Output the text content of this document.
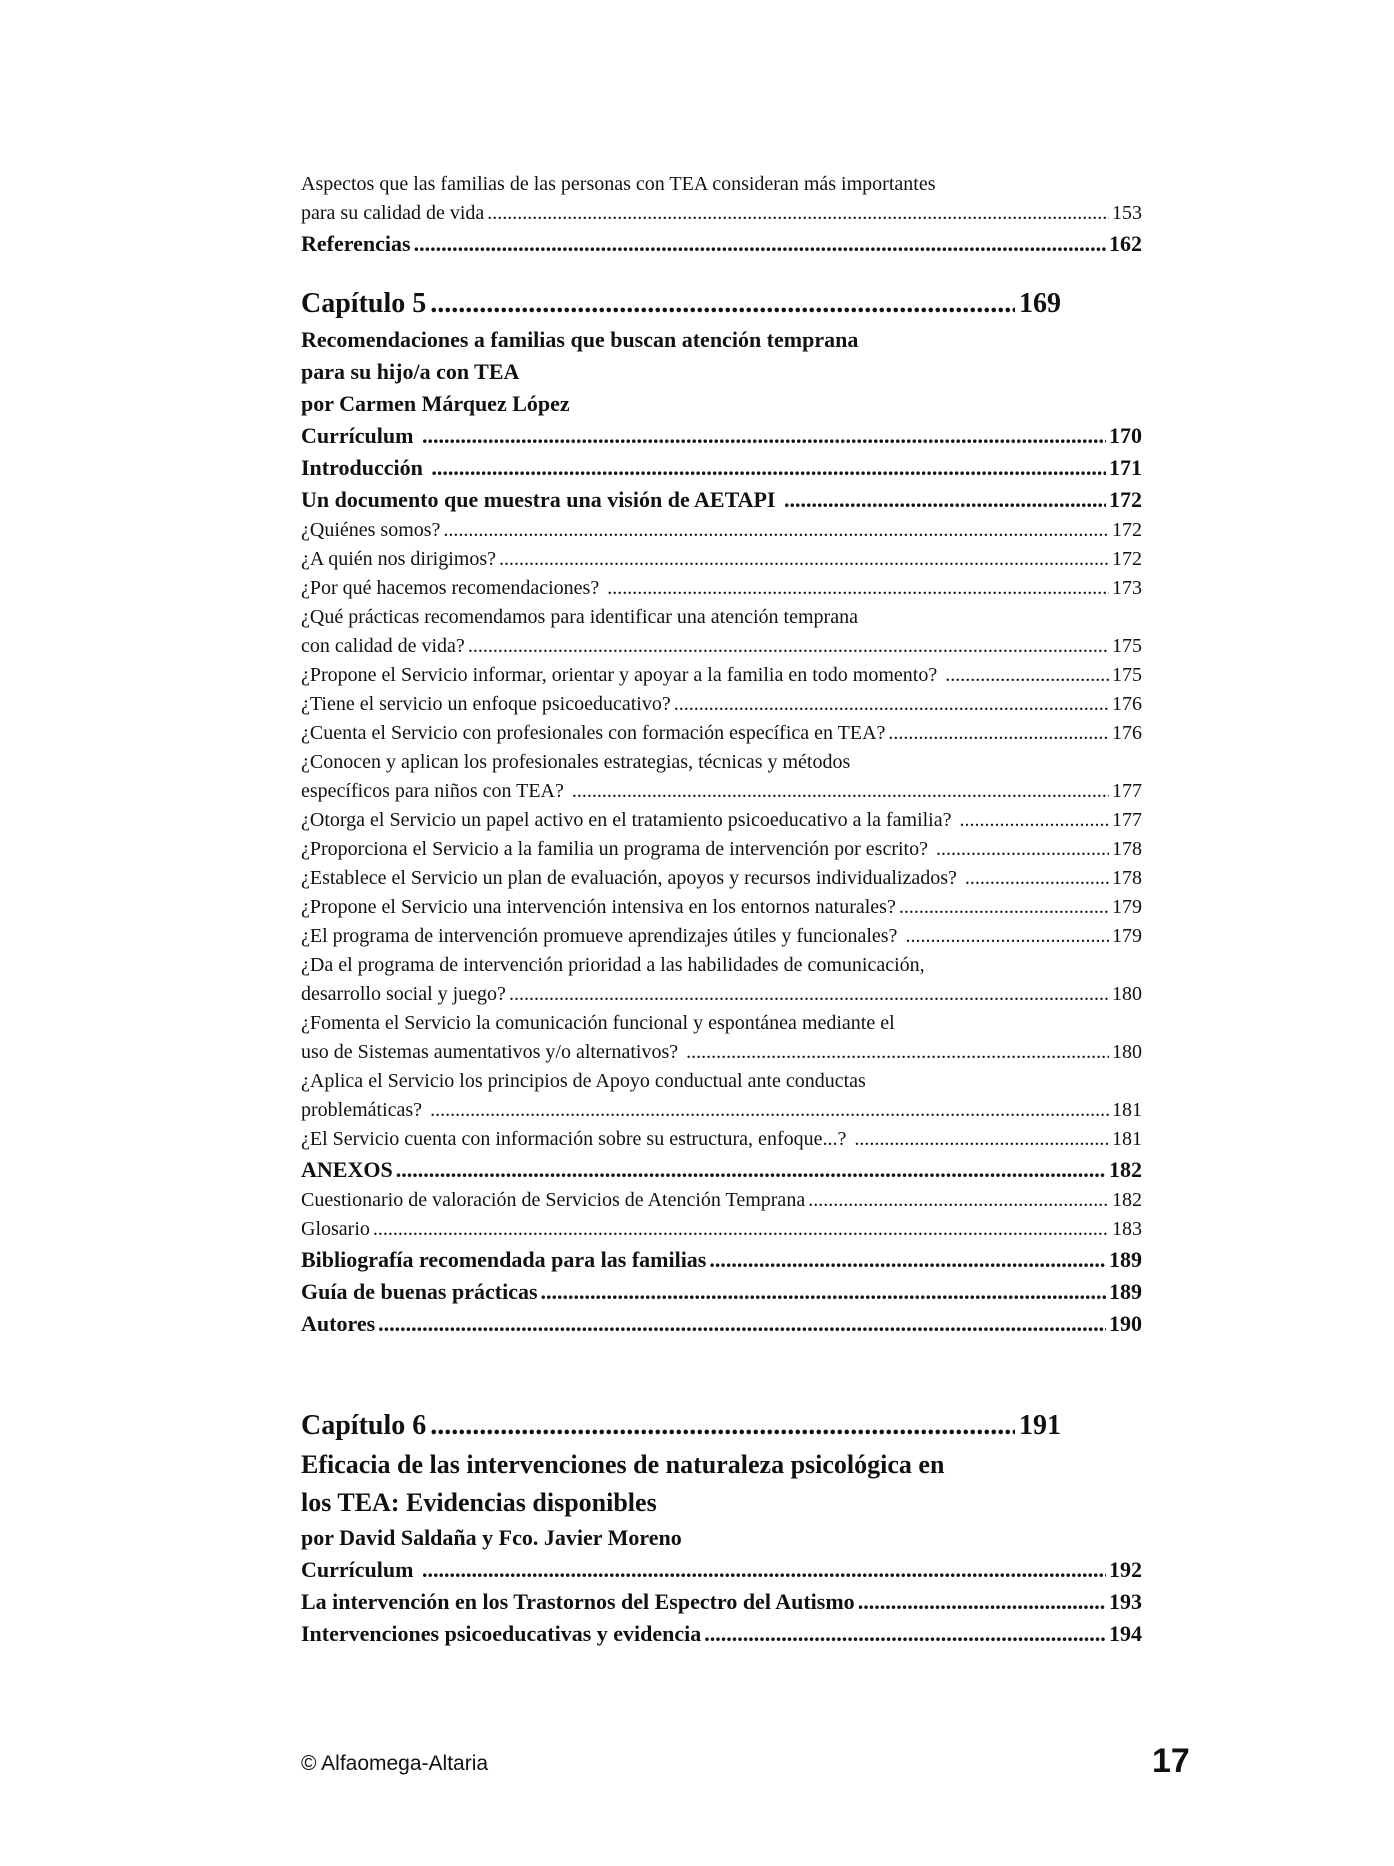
Aspectos que las familias de las personas con TEA consideran más importantes
para su calidad de vida .....	153
Referencias .....	162
Capítulo 5 .....	169
Recomendaciones a familias que buscan atención temprana
para su hijo/a con TEA
por Carmen Márquez López
Currículum .....	170
Introducción .....	171
Un documento que muestra una visión de AETAPI .....	172
¿Quiénes somos? .....	172
¿A quién nos dirigimos? .....	172
¿Por qué hacemos recomendaciones? .....	173
¿Qué prácticas recomendamos para identificar una atención temprana
con calidad de vida? .....	175
¿Propone el Servicio informar, orientar y apoyar a la familia en todo momento? .....	175
¿Tiene el servicio un enfoque psicoeducativo? .....	176
¿Cuenta el Servicio con profesionales con formación específica en TEA? .....	176
¿Conocen y aplican los profesionales estrategias, técnicas y métodos
específicos para niños con TEA? .....	177
¿Otorga el Servicio un papel activo en el tratamiento psicoeducativo a la familia? .....	177
¿Proporciona el Servicio a la familia un programa de intervención por escrito? .....	178
¿Establece el Servicio un plan de evaluación, apoyos y recursos individualizados? .....	178
¿Propone el Servicio una intervención intensiva en los entornos naturales? .....	179
¿El programa de intervención promueve aprendizajes útiles y funcionales? .....	179
¿Da el programa de intervención prioridad a las habilidades de comunicación,
desarrollo social y juego? .....	180
¿Fomenta el Servicio la comunicación funcional y espontánea mediante el
uso de Sistemas aumentativos y/o alternativos? .....	180
¿Aplica el Servicio los principios de Apoyo conductual ante conductas
problemáticas? .....	181
¿El Servicio cuenta con información sobre su estructura, enfoque...? .....	181
ANEXOS .....	182
Cuestionario de valoración de Servicios de Atención Temprana .....	182
Glosario .....	183
Bibliografía recomendada para las familias .....	189
Guía de buenas prácticas .....	189
Autores .....	190
Capítulo 6 .....	191
Eficacia de las intervenciones de naturaleza psicológica en
los TEA: Evidencias disponibles
por David Saldaña y Fco. Javier Moreno
Currículum .....	192
La intervención en los Trastornos del Espectro del Autismo .....	193
Intervenciones psicoeducativas y evidencia .....	194
© Alfaomega-Altaria	17
